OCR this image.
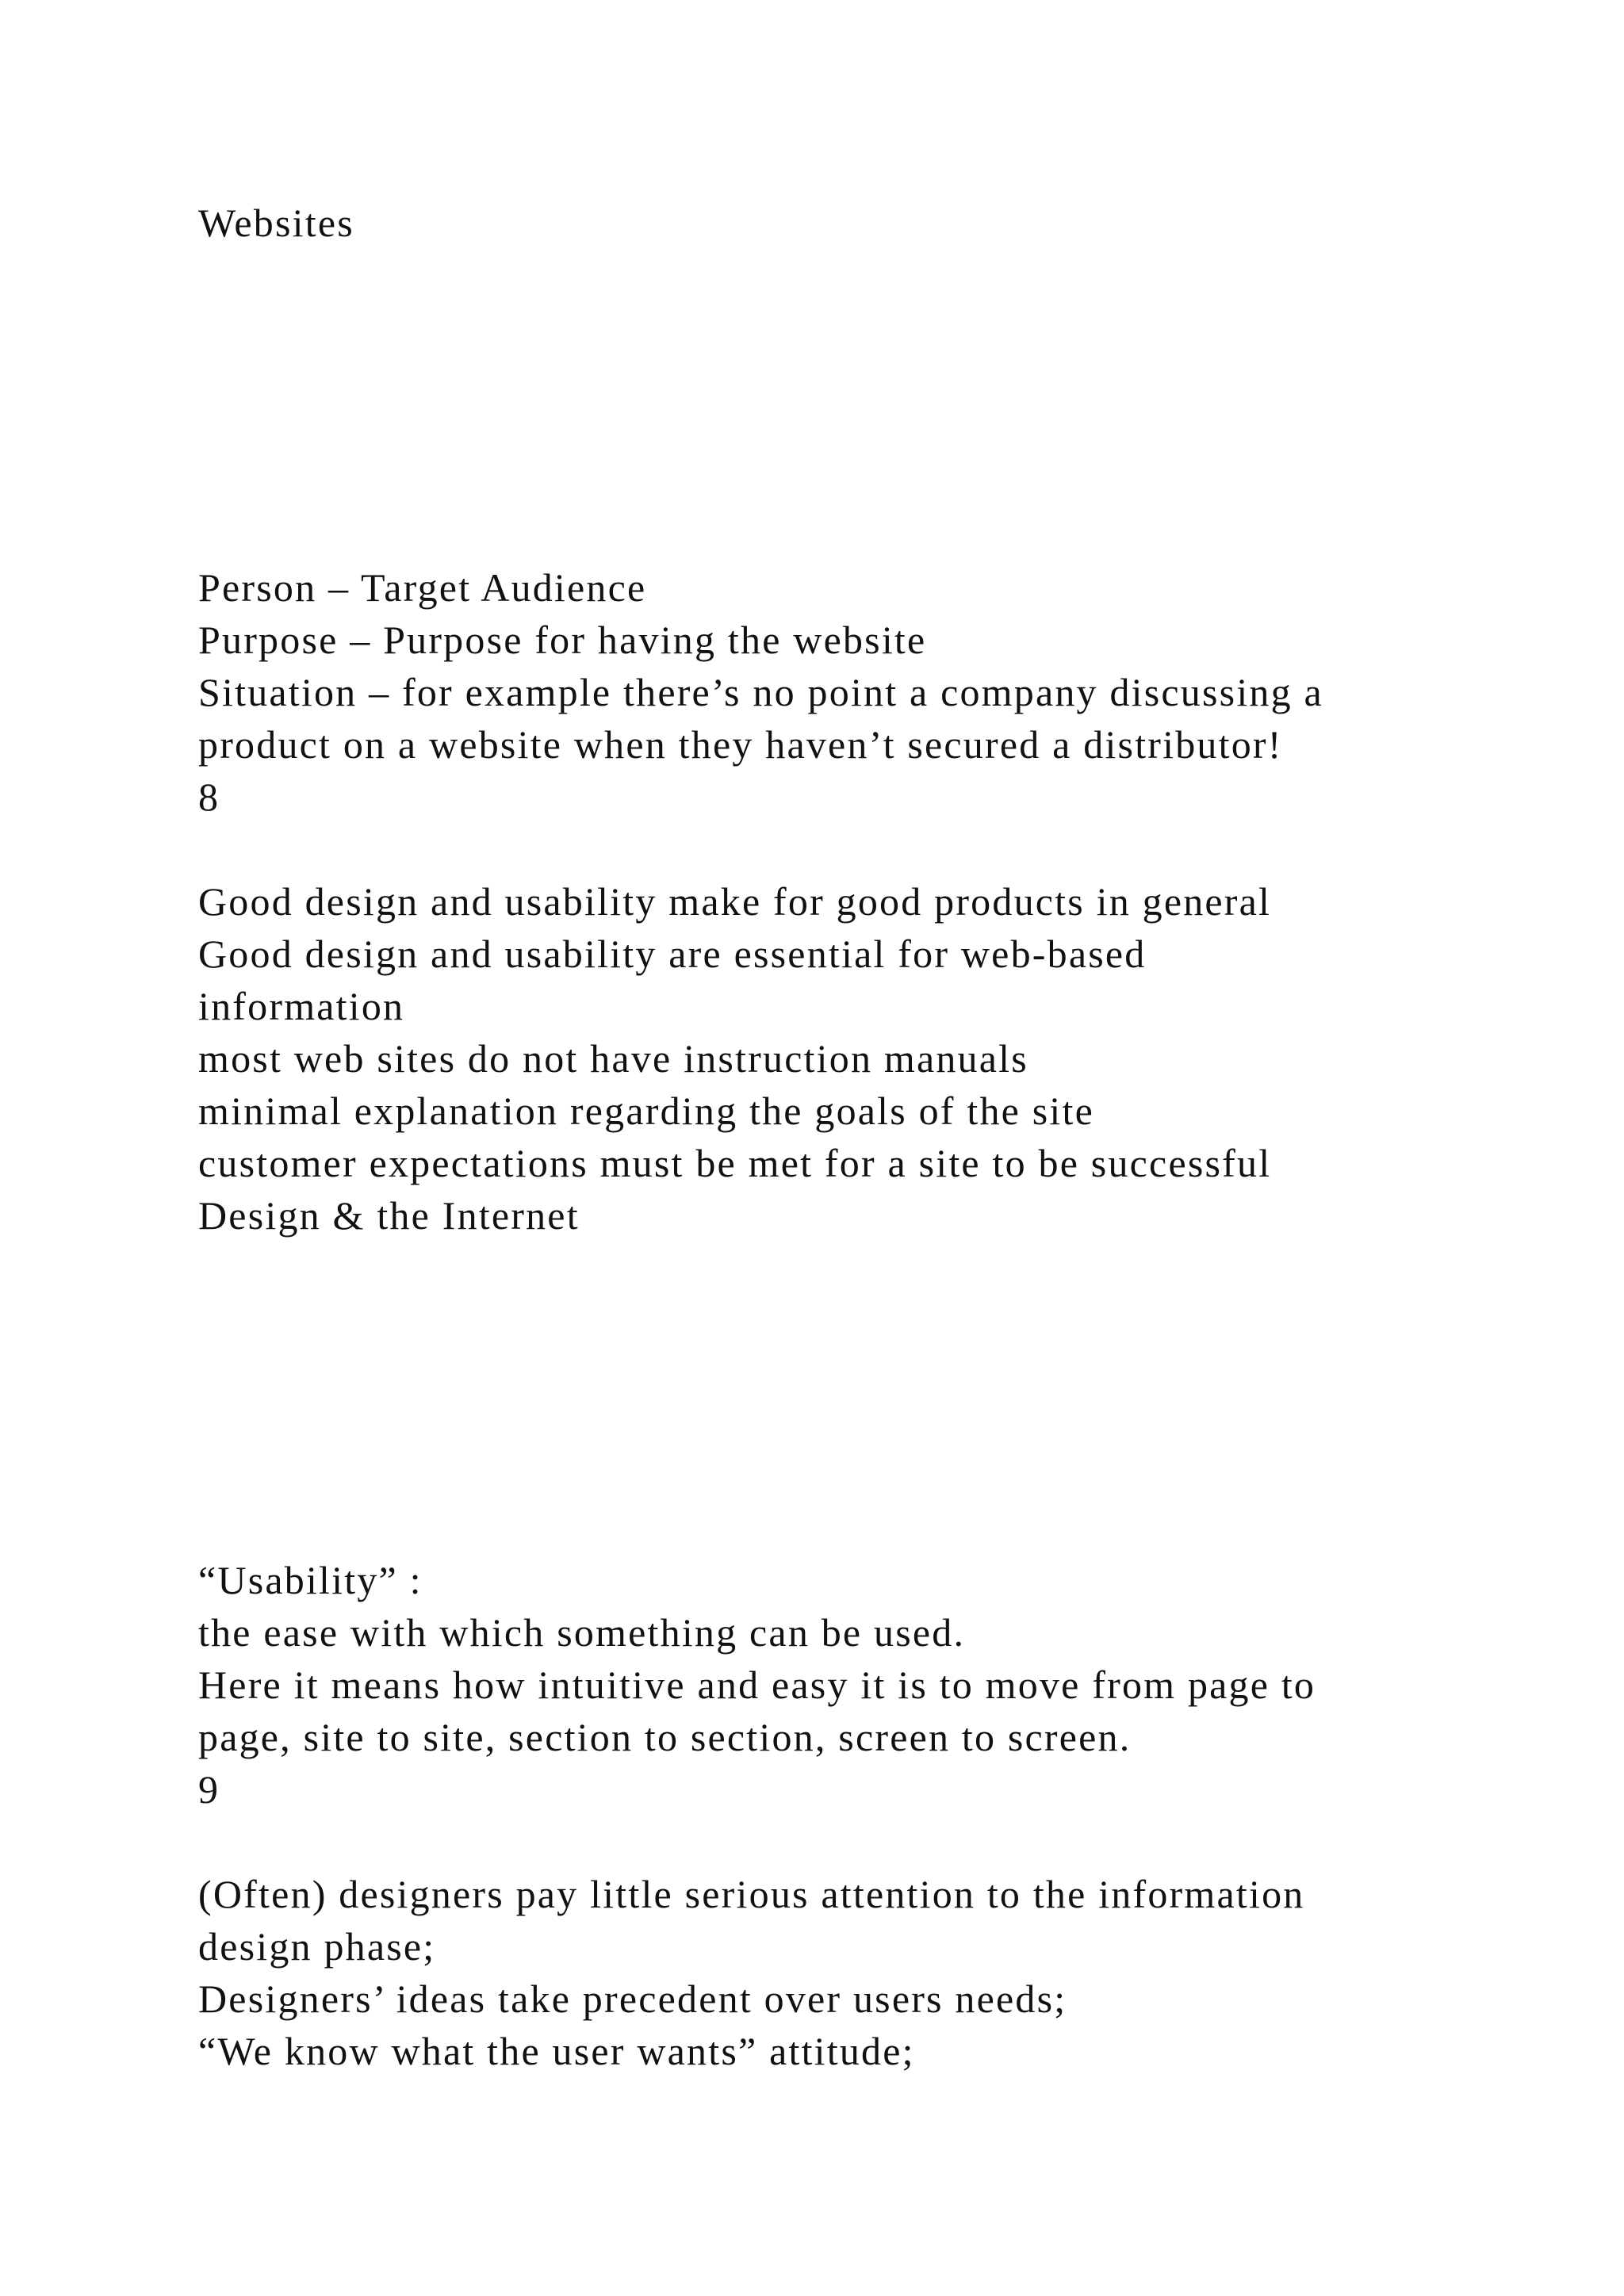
Websites

Person – Target Audience

Purpose – Purpose for having the website

Situation – for example there’s no point a company discussing a

product on a website when they haven’t secured a distributor!

8

Good design and usability make for good products in general

Good design and usability are essential for web-based

information

most web sites do not have instruction manuals

minimal explanation regarding the goals of the site

customer expectations must be met for a site to be successful

Design & the Internet

“Usability” :

the ease with which something can be used.

Here it means how intuitive and easy it is to move from page to

page, site to site, section to section, screen to screen.

9

(Often) designers pay little serious attention to the information

design phase;

Designers’ ideas take precedent over users needs;

“We know what the user wants” attitude;
